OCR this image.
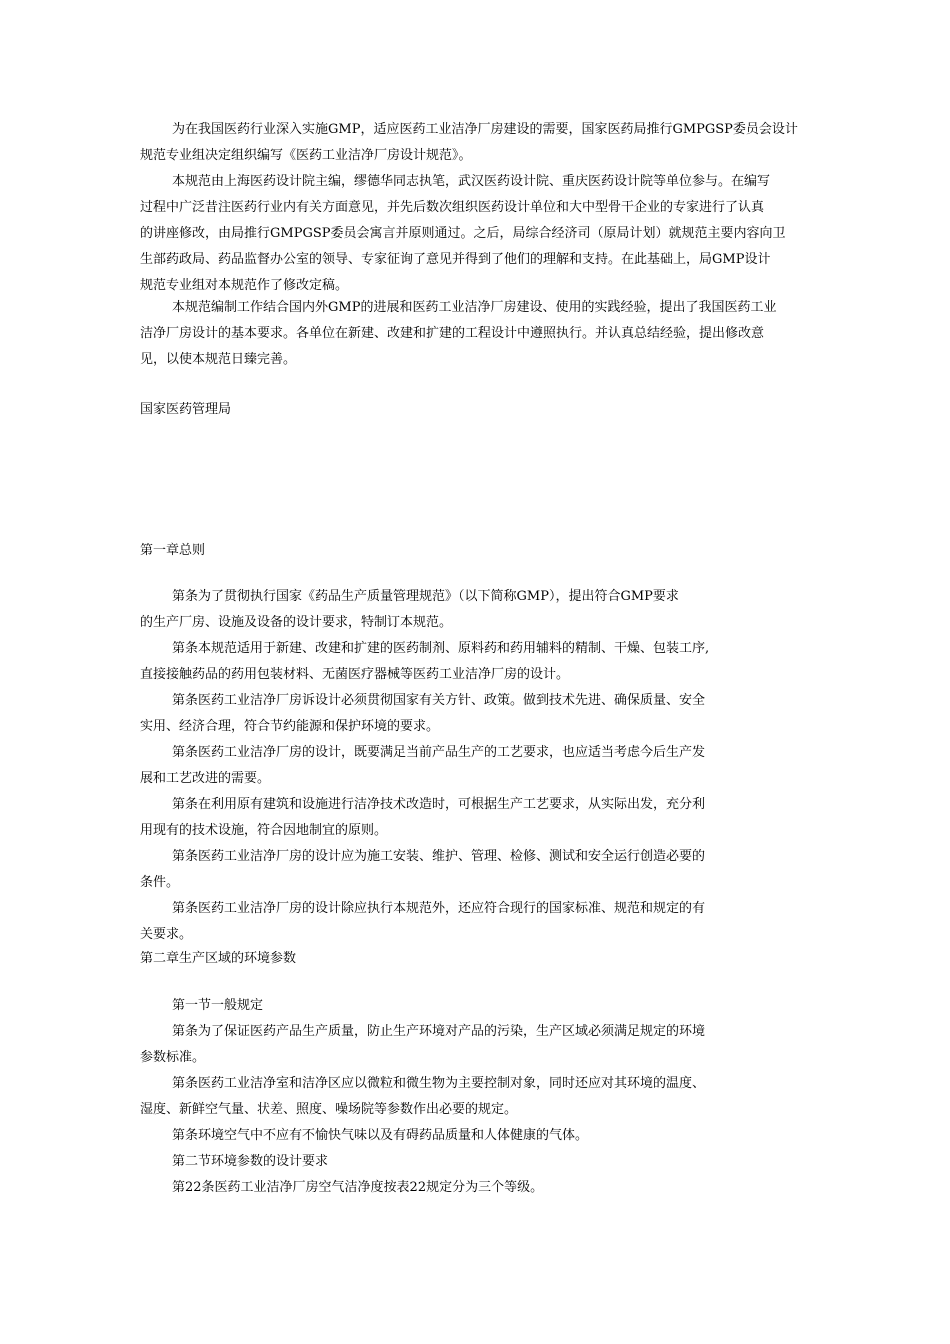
为在我国医药行业深入实施GMP，适应医药工业洁净厂房建设的需要，国家医药局推行GMPGSP委员会设计
规范专业组决定组织编写《医药工业洁净厂房设计规范》。
本规范由上海医药设计院主编，缪德华同志执笔，武汉医药设计院、重庆医药设计院等单位参与。在编写
过程中广泛昔注医药行业内有关方面意见，并先后数次组织医药设计单位和大中型骨干企业的专家进行了认真
的讲座修改，由局推行GMPGSP委员会寓言并原则通过。之后，局综合经济司（原局计划）就规范主要内容向卫
生部药政局、药品监督办公室的领导、专家征询了意见并得到了他们的理解和支持。在此基础上，局GMP设计
规范专业组对本规范作了修改定稿。
本规范编制工作结合国内外GMP的进展和医药工业洁净厂房建设、使用的实践经验，提出了我国医药工业
洁净厂房设计的基本要求。各单位在新建、改建和扩建的工程设计中遵照执行。并认真总结经验，提出修改意
见，以使本规范日臻完善。
国家医药管理局
第一章总则
第条为了贯彻执行国家《药品生产质量管理规范》（以下简称GMP），提出符合GMP要求
的生产厂房、设施及设备的设计要求，特制订本规范。
第条本规范适用于新建、改建和扩建的医药制剂、原料药和药用辅料的精制、干燥、包装工序,
直接接触药品的药用包装材料、无菌医疗器械等医药工业洁净厂房的设计。
第条医药工业洁净厂房诉设计必须贯彻国家有关方针、政策。做到技术先进、确保质量、安全
实用、经济合理，符合节约能源和保护环境的要求。
第条医药工业洁净厂房的设计，既要满足当前产品生产的工艺要求，也应适当考虑今后生产发
展和工艺改进的需要。
第条在利用原有建筑和设施进行洁净技术改造时，可根据生产工艺要求，从实际出发，充分利
用现有的技术设施，符合因地制宜的原则。
第条医药工业洁净厂房的设计应为施工安装、维护、管理、检修、测试和安全运行创造必要的
条件。
第条医药工业洁净厂房的设计除应执行本规范外，还应符合现行的国家标准、规范和规定的有
关要求。
第二章生产区域的环境参数
第一节一般规定
第条为了保证医药产品生产质量，防止生产环境对产品的污染，生产区域必须满足规定的环境
参数标准。
第条医药工业洁净室和洁净区应以微粒和微生物为主要控制对象，同时还应对其环境的温度、
湿度、新鲜空气量、状差、照度、噪场院等参数作出必要的规定。
第条环境空气中不应有不愉快气味以及有碍药品质量和人体健康的气体。
第二节环境参数的设计要求
第22条医药工业洁净厂房空气洁净度按表22规定分为三个等级。
